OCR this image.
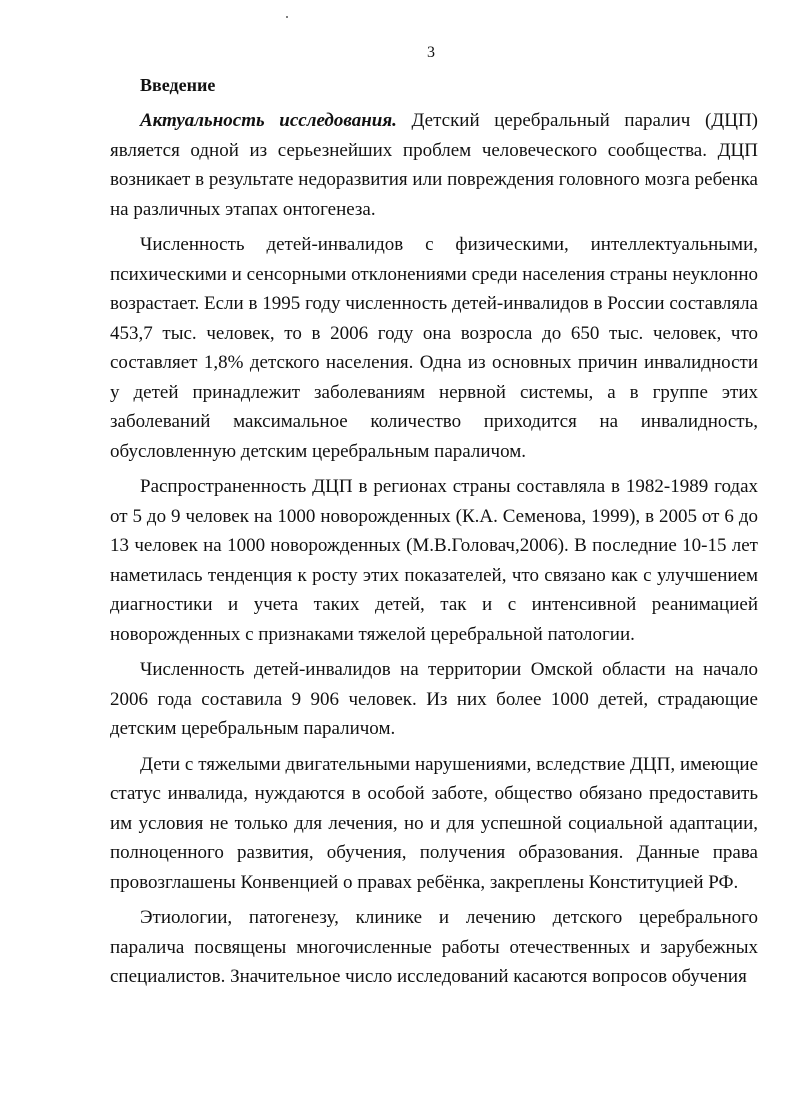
3
Введение

Актуальность исследования. Детский церебральный паралич (ДЦП) является одной из серьезнейших проблем человеческого сообщества. ДЦП возникает в результате недоразвития или повреждения головного мозга ребенка на различных этапах онтогенеза.

Численность детей-инвалидов с физическими, интеллектуальными, психическими и сенсорными отклонениями среди населения страны неуклонно возрастает. Если в 1995 году численность детей-инвалидов в России составляла 453,7 тыс. человек, то в 2006 году она возросла до 650 тыс. человек, что составляет 1,8% детского населения. Одна из основных причин инвалидности у детей принадлежит заболеваниям нервной системы, а в группе этих заболеваний максимальное количество приходится на инвалидность, обусловленную детским церебральным параличом.

Распространенность ДЦП в регионах страны составляла в 1982-1989 годах от 5 до 9 человек на 1000 новорожденных (К.А. Семенова, 1999), в 2005 от 6 до 13 человек на 1000 новорожденных (М.В.Головач,2006). В последние 10-15 лет наметилась тенденция к росту этих показателей, что связано как с улучшением диагностики и учета таких детей, так и с интенсивной реанимацией новорожденных с признаками тяжелой церебральной патологии.

Численность детей-инвалидов на территории Омской области на начало 2006 года составила 9 906 человек. Из них более 1000 детей, страдающие детским церебральным параличом.

Дети с тяжелыми двигательными нарушениями, вследствие ДЦП, имеющие статус инвалида, нуждаются в особой заботе, общество обязано предоставить им условия не только для лечения, но и для успешной социальной адаптации, полноценного развития, обучения, получения образования. Данные права провозглашены Конвенцией о правах ребёнка, закреплены Конституцией РФ.

Этиологии, патогенезу, клинике и лечению детского церебрального паралича посвящены многочисленные работы отечественных и зарубежных специалистов. Значительное число исследований касаются вопросов обучения
